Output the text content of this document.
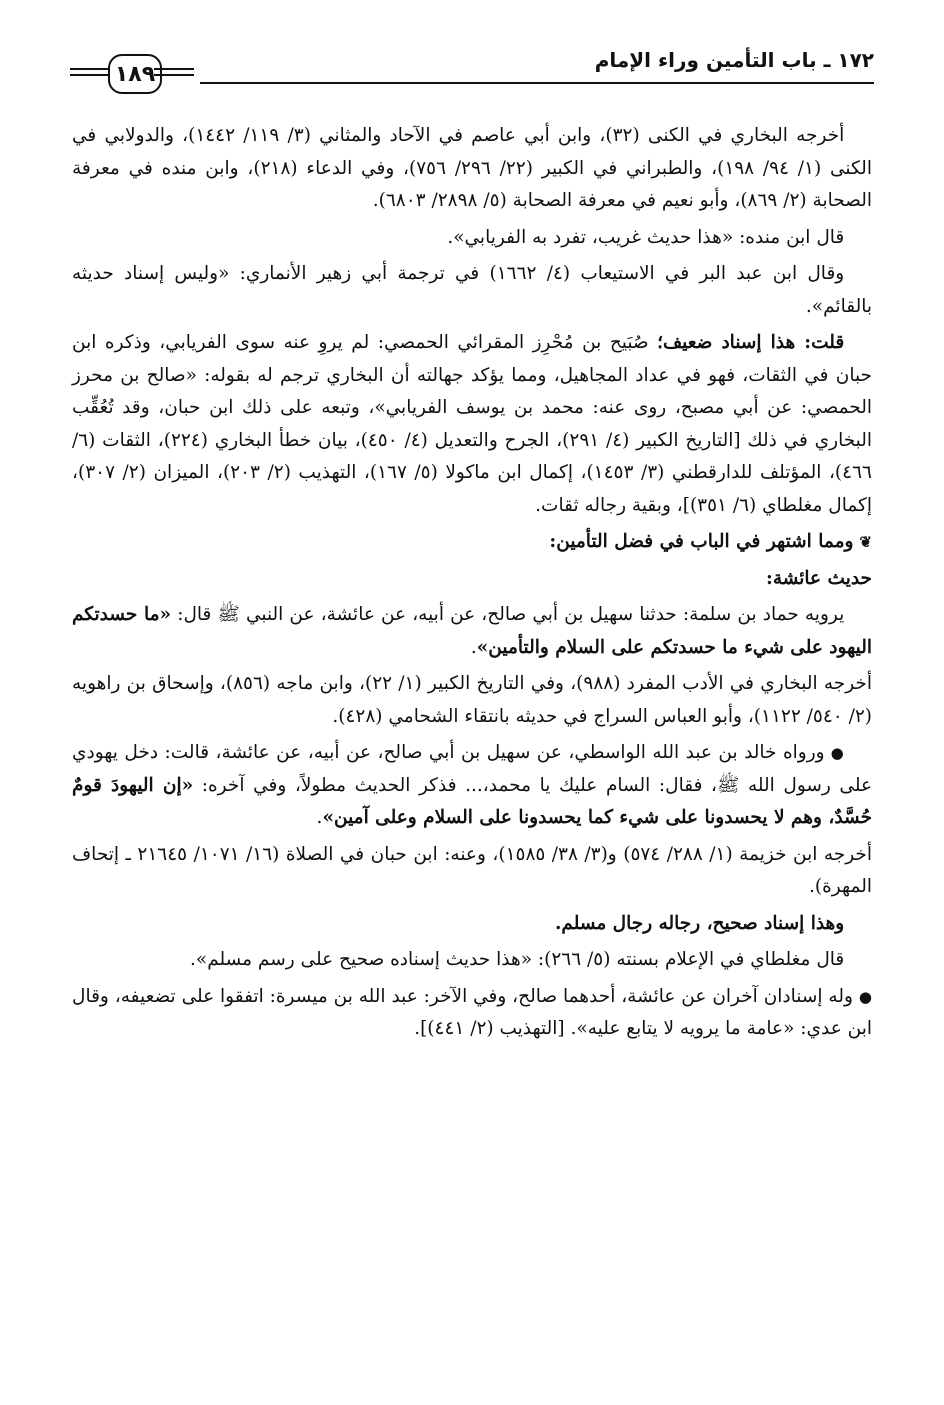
١٧٢ ـ باب التأمين وراء الإمام
١٨٩

أخرجه البخاري في الكنى (٣٢)، وابن أبي عاصم في الآحاد والمثاني (٣/ ١١٩/ ١٤٤٢)، والدولابي في الكنى (١/ ٩٤/ ١٩٨)، والطبراني في الكبير (٢٢/ ٢٩٦/ ٧٥٦)، وفي الدعاء (٢١٨)، وابن منده في معرفة الصحابة (٢/ ٨٦٩)، وأبو نعيم في معرفة الصحابة (٥/ ٢٨٩٨/ ٦٨٠٣).

قال ابن منده: «هذا حديث غريب، تفرد به الفريابي».

وقال ابن عبد البر في الاستيعاب (٤/ ١٦٦٢) في ترجمة أبي زهير الأنماري: «وليس إسناد حديثه بالقائم».

قلت: هذا إسناد ضعيف؛ صُبَيح بن مُحْرِز المقرائي الحمصي: لم يروِ عنه سوى الفريابي، وذكره ابن حبان في الثقات، فهو في عداد المجاهيل، ومما يؤكد جهالته أن البخاري ترجم له بقوله: «صالح بن محرز الحمصي: عن أبي مصبح، روى عنه: محمد بن يوسف الفريابي»، وتبعه على ذلك ابن حبان، وقد تُعُقِّب البخاري في ذلك [التاريخ الكبير (٤/ ٢٩١)، الجرح والتعديل (٤/ ٤٥٠)، بيان خطأ البخاري (٢٢٤)، الثقات (٦/ ٤٦٦)، المؤتلف للدارقطني (٣/ ١٤٥٣)، إكمال ابن ماكولا (٥/ ١٦٧)، التهذيب (٢/ ٢٠٣)، الميزان (٢/ ٣٠٧)، إكمال مغلطاي (٦/ ٣٥١)]، وبقية رجاله ثقات.

❦ومما اشتهر في الباب في فضل التأمين:

حديث عائشة:

يرويه حماد بن سلمة: حدثنا سهيل بن أبي صالح، عن أبيه، عن عائشة، عن النبي ﷺ قال: «ما حسدتكم اليهود على شيء ما حسدتكم على السلام والتأمين».

أخرجه البخاري في الأدب المفرد (٩٨٨)، وفي التاريخ الكبير (١/ ٢٢)، وابن ماجه (٨٥٦)، وإسحاق بن راهويه (٢/ ٥٤٠/ ١١٢٢)، وأبو العباس السراج في حديثه بانتقاء الشحامي (٤٢٨).

●ورواه خالد بن عبد الله الواسطي، عن سهيل بن أبي صالح، عن أبيه، عن عائشة، قالت: دخل يهودي على رسول الله ﷺ، فقال: السام عليك يا محمد،... فذكر الحديث مطولاً، وفي آخره: «إن اليهودَ قومٌ حُسَّدٌ، وهم لا يحسدونا على شيء كما يحسدونا على السلام وعلى آمين».

أخرجه ابن خزيمة (١/ ٢٨٨/ ٥٧٤) و(٣/ ٣٨/ ١٥٨٥)، وعنه: ابن حبان في الصلاة (١٦/ ١٠٧١/ ٢١٦٤٥ ـ إتحاف المهرة).

وهذا إسناد صحيح، رجاله رجال مسلم.

قال مغلطاي في الإعلام بسنته (٥/ ٢٦٦): «هذا حديث إسناده صحيح على رسم مسلم».

●وله إسنادان آخران عن عائشة، أحدهما صالح، وفي الآخر: عبد الله بن ميسرة: اتفقوا على تضعيفه، وقال ابن عدي: «عامة ما يرويه لا يتابع عليه». [التهذيب (٢/ ٤٤١)].
